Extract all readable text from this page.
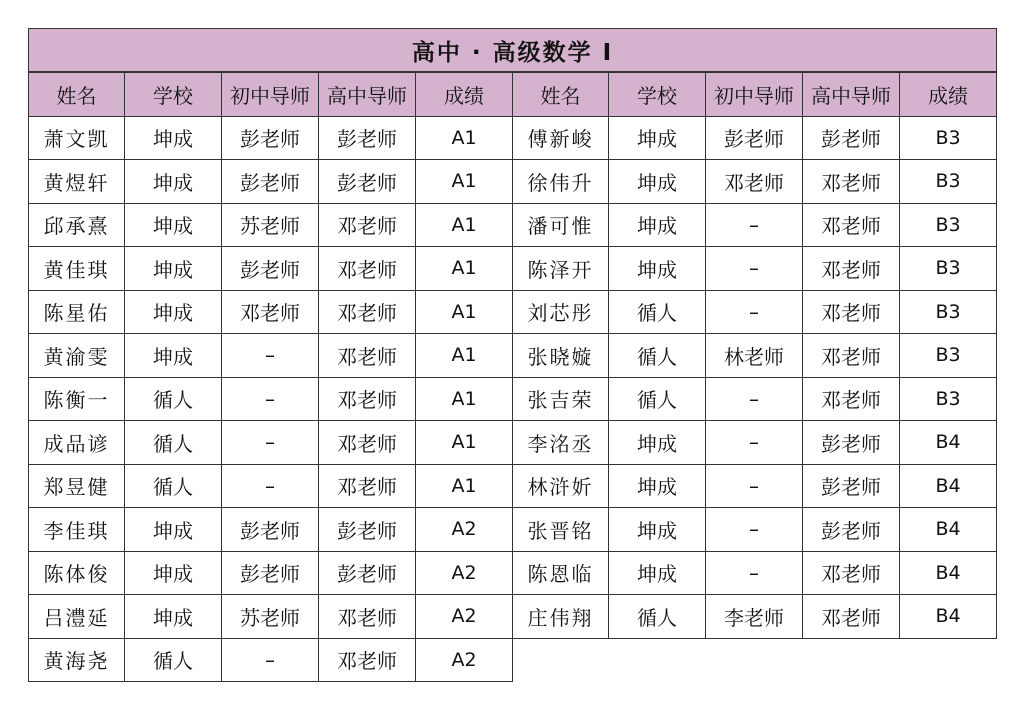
高中 · 高级数学 I
姓名	学校	初中导师	高中导师	成绩
萧文凯	坤成	彭老师	彭老师	A1
黄煜轩	坤成	彭老师	彭老师	A1
邱承熹	坤成	苏老师	邓老师	A1
黄佳琪	坤成	彭老师	邓老师	A1
陈星佑	坤成	邓老师	邓老师	A1
黄渝雯	坤成	–	邓老师	A1
陈衡一	循人	–	邓老师	A1
成品谚	循人	–	邓老师	A1
郑昱健	循人	–	邓老师	A1
李佳琪	坤成	彭老师	彭老师	A2
陈体俊	坤成	彭老师	彭老师	A2
吕澧延	坤成	苏老师	邓老师	A2
黄海尧	循人	–	邓老师	A2
姓名	学校	初中导师	高中导师	成绩
傅新峻	坤成	彭老师	彭老师	B3
徐伟升	坤成	邓老师	邓老师	B3
潘可惟	坤成	–	邓老师	B3
陈泽开	坤成	–	邓老师	B3
刘芯彤	循人	–	邓老师	B3
张晓嫙	循人	林老师	邓老师	B3
张吉荣	循人	–	邓老师	B3
李洺丞	坤成	–	彭老师	B4
林浒妡	坤成	–	彭老师	B4
张晋铭	坤成	–	彭老师	B4
陈恩临	坤成	–	邓老师	B4
庄伟翔	循人	李老师	邓老师	B4
